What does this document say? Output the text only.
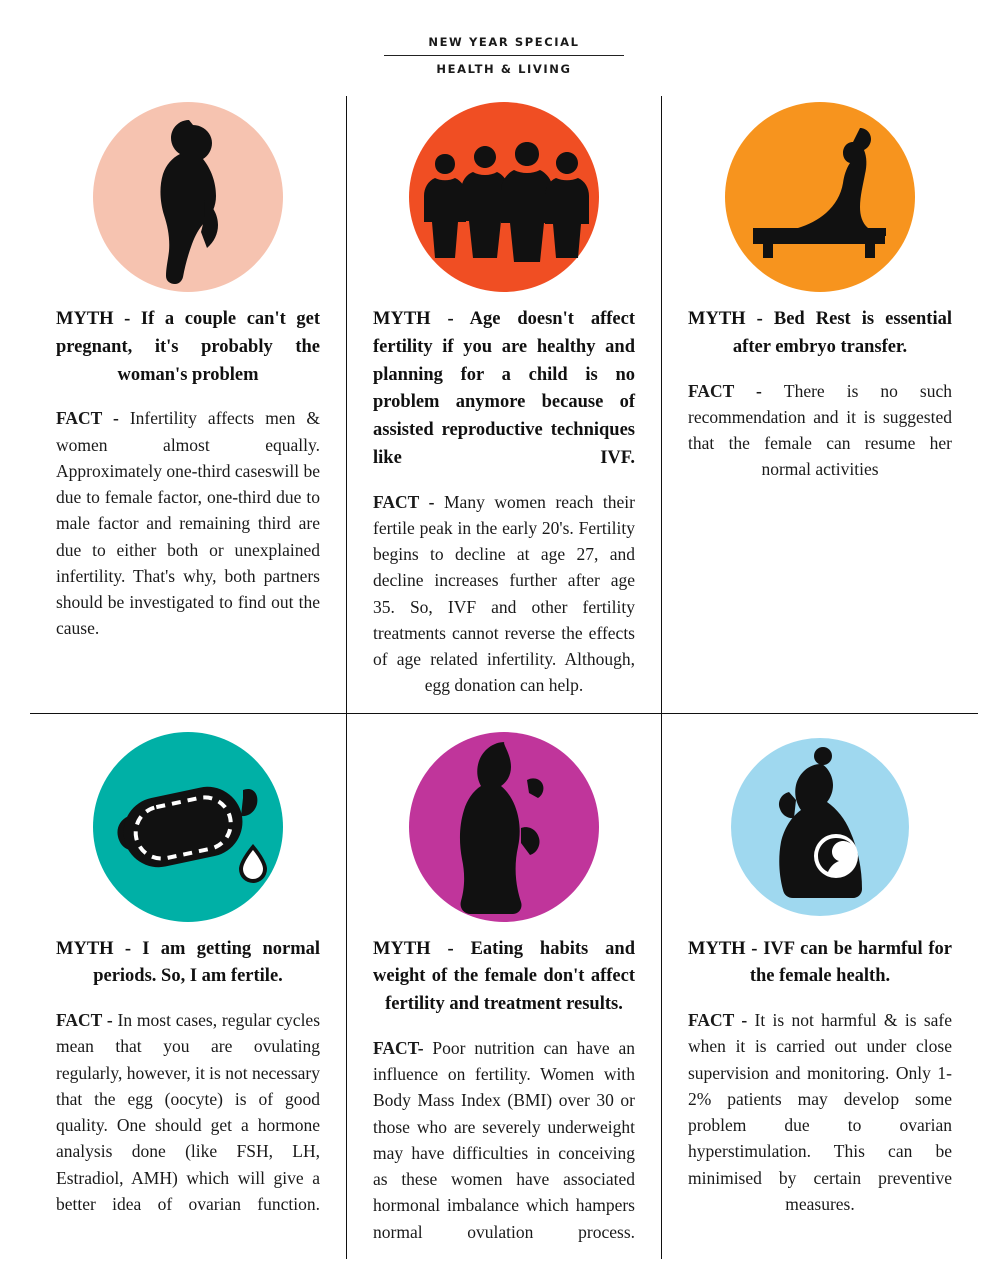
NEW YEAR SPECIAL
HEALTH & LIVING

MYTH - If a couple can't get pregnant, it's probably the woman's problem

FACT - Infertility affects men & women almost equally. Approximately one-third caseswill be due to female factor, one-third due to male factor and remaining third are due to either both or unexplained infertility. That's why, both partners should be investigated to find out the cause.

MYTH - Age doesn't affect fertility if you are healthy and planning for a child is no problem anymore because of assisted reproductive techniques like IVF.

FACT - Many women reach their fertile peak in the early 20's. Fertility begins to decline at age 27, and decline increases further after age 35. So, IVF and other fertility treatments cannot reverse the effects of age related infertility. Although, egg donation can help.

MYTH - Bed Rest is essential after embryo transfer.

FACT - There is no such recommendation and it is suggested that the female can resume her normal activities

MYTH - I am getting normal periods. So, I am fertile.

FACT - In most cases, regular cycles mean that you are ovulating regularly, however, it is not necessary that the egg (oocyte) is of good quality. One should get a hormone analysis done (like FSH, LH, Estradiol, AMH) which will give a better idea of ovarian function.

MYTH - Eating habits and weight of the female don't affect fertility and treatment results.

FACT- Poor nutrition can have an influence on fertility. Women with Body Mass Index (BMI) over 30 or those who are severely underweight may have difficulties in conceiving as these women have associated hormonal imbalance which hampers normal ovulation process.

MYTH - IVF can be harmful for the female health.

FACT - It is not harmful & is safe when it is carried out under close supervision and monitoring. Only 1-2% patients may develop some problem due to ovarian hyperstimulation. This can be minimised by certain preventive measures.
